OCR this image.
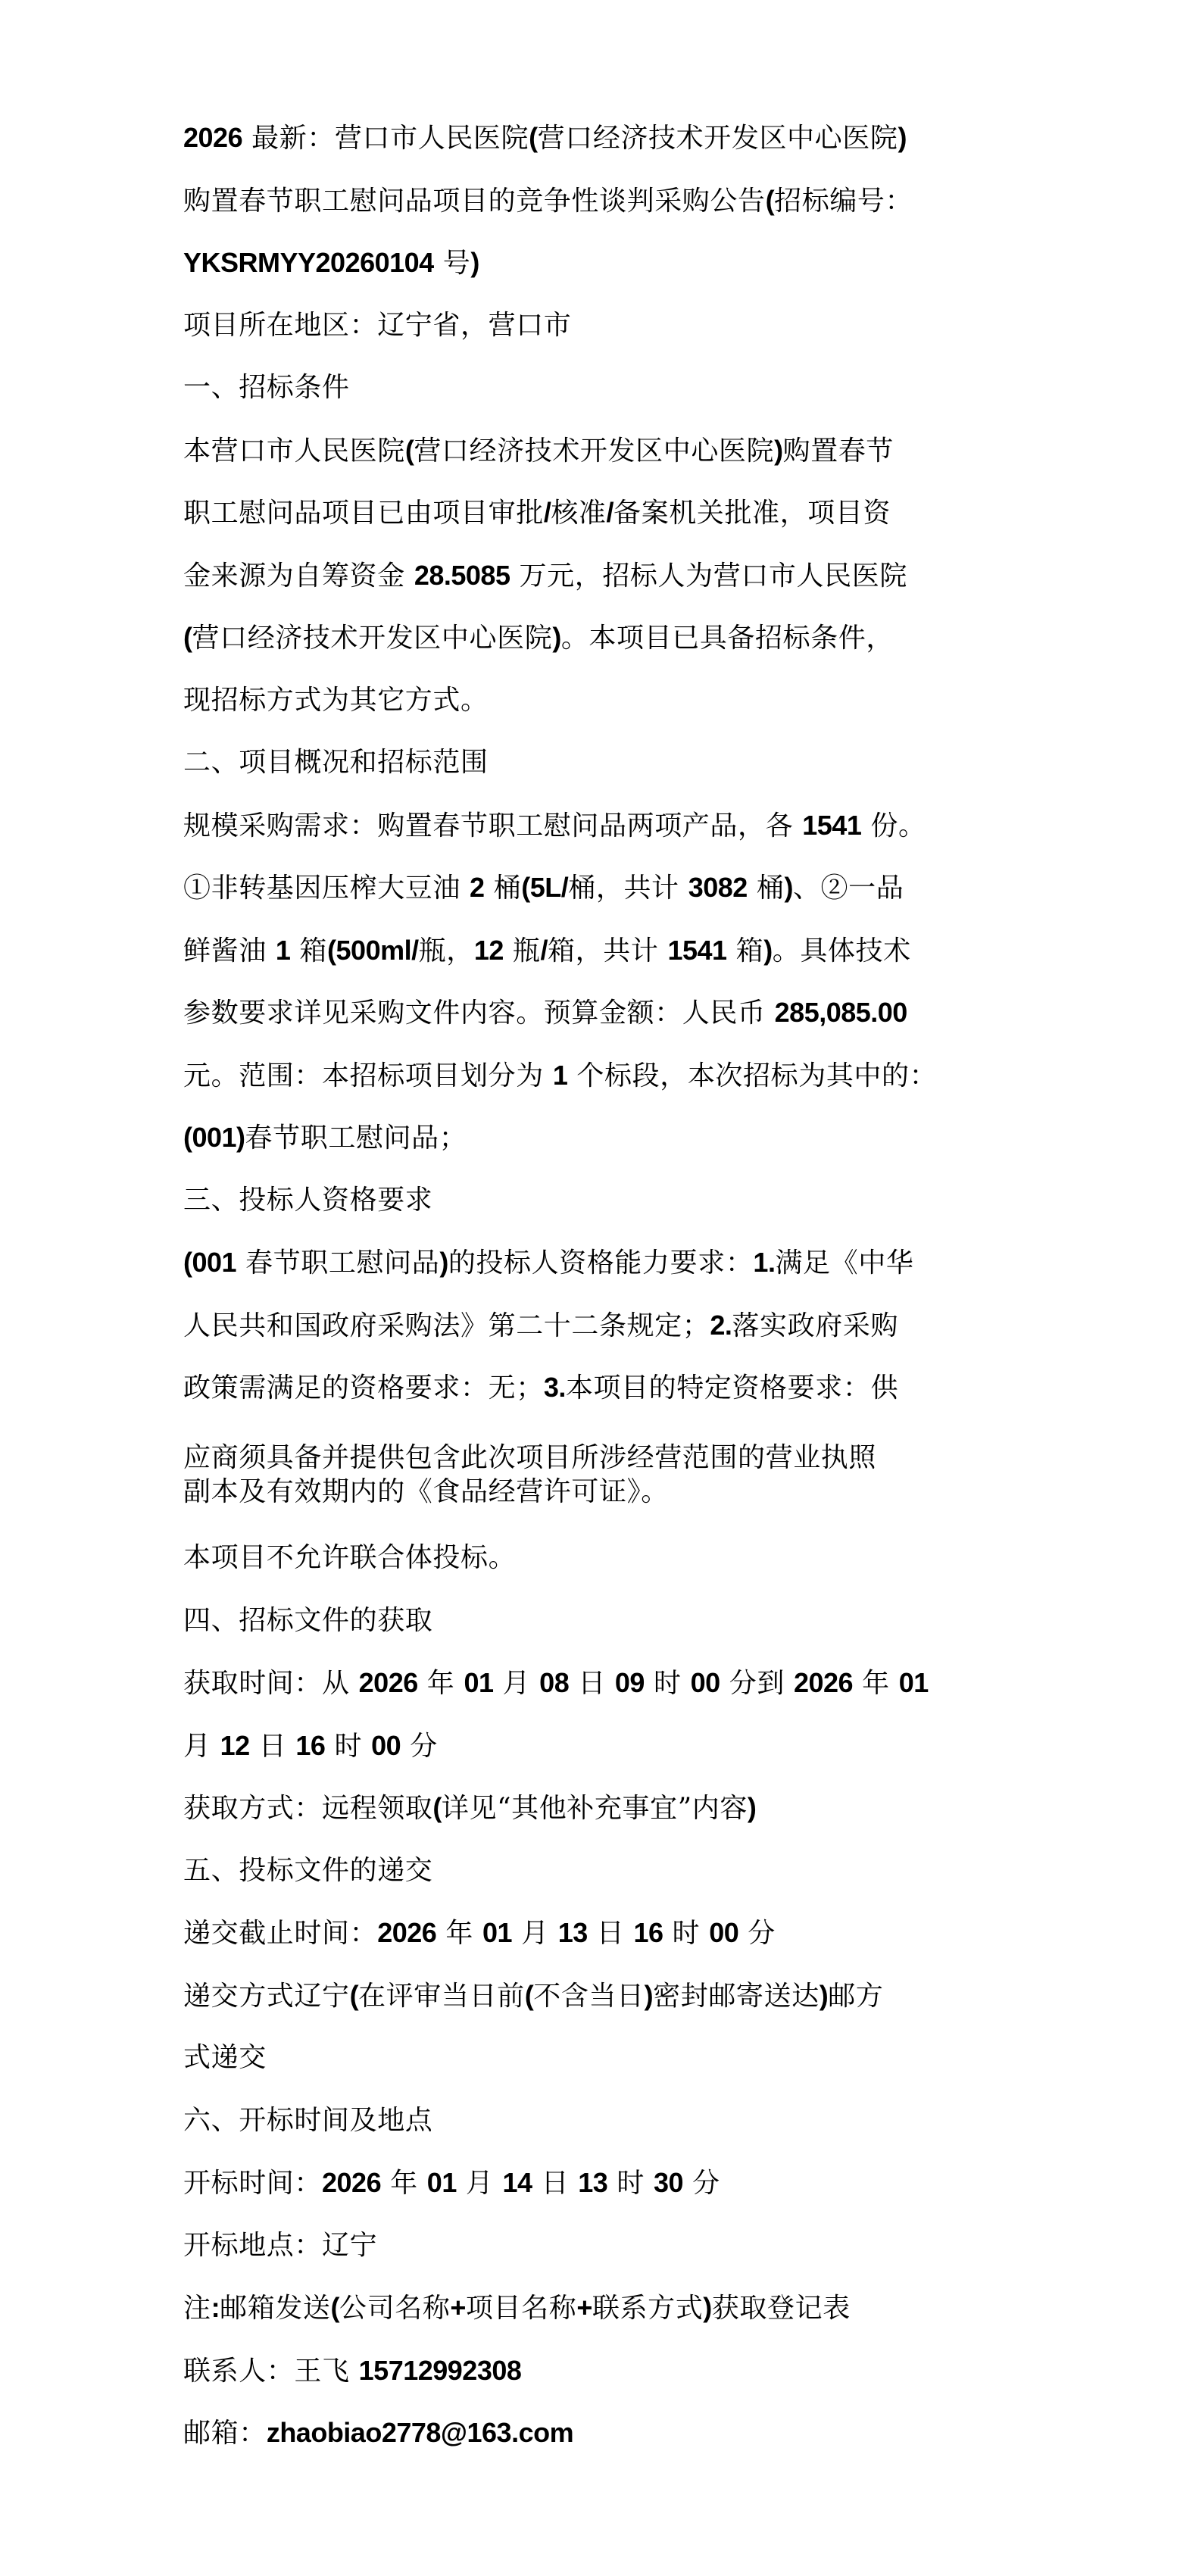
2026 最新：营口市人民医院(营口经济技术开发区中心医院)
购置春节职工慰问品项目的竞争性谈判采购公告(招标编号：
YKSRMYY20260104 号)
项目所在地区：辽宁省，营口市
一、招标条件
本营口市人民医院(营口经济技术开发区中心医院)购置春节
职工慰问品项目已由项目审批/核准/备案机关批准，项目资
金来源为自筹资金 28.5085 万元，招标人为营口市人民医院
(营口经济技术开发区中心医院)。本项目已具备招标条件，
现招标方式为其它方式。
二、项目概况和招标范围
规模采购需求：购置春节职工慰问品两项产品，各 1541 份。
①非转基因压榨大豆油 2 桶(5L/桶，共计 3082 桶)、②一品
鲜酱油 1 箱(500ml/瓶，12 瓶/箱，共计 1541 箱)。具体技术
参数要求详见采购文件内容。预算金额：人民币 285,085.00
元。范围：本招标项目划分为 1 个标段，本次招标为其中的：
(001)春节职工慰问品；
三、投标人资格要求
(001 春节职工慰问品)的投标人资格能力要求：1.满足《中华
人民共和国政府采购法》第二十二条规定；2.落实政府采购
政策需满足的资格要求：无；3.本项目的特定资格要求：供
应商须具备并提供包含此次项目所涉经营范围的营业执照
副本及有效期内的《食品经营许可证》。
本项目不允许联合体投标。
四、招标文件的获取
获取时间：从 2026 年 01 月 08 日 09 时 00 分到 2026 年 01
月 12 日 16 时 00 分
获取方式：远程领取(详见“其他补充事宜”内容)
五、投标文件的递交
递交截止时间：2026 年 01 月 13 日 16 时 00 分
递交方式辽宁(在评审当日前(不含当日)密封邮寄送达)邮方
式递交
六、开标时间及地点
开标时间：2026 年 01 月 14 日 13 时 30 分
开标地点：辽宁
注:邮箱发送(公司名称+项目名称+联系方式)获取登记表
联系人：王飞 15712992308
邮箱：zhaobiao2778@163.com
